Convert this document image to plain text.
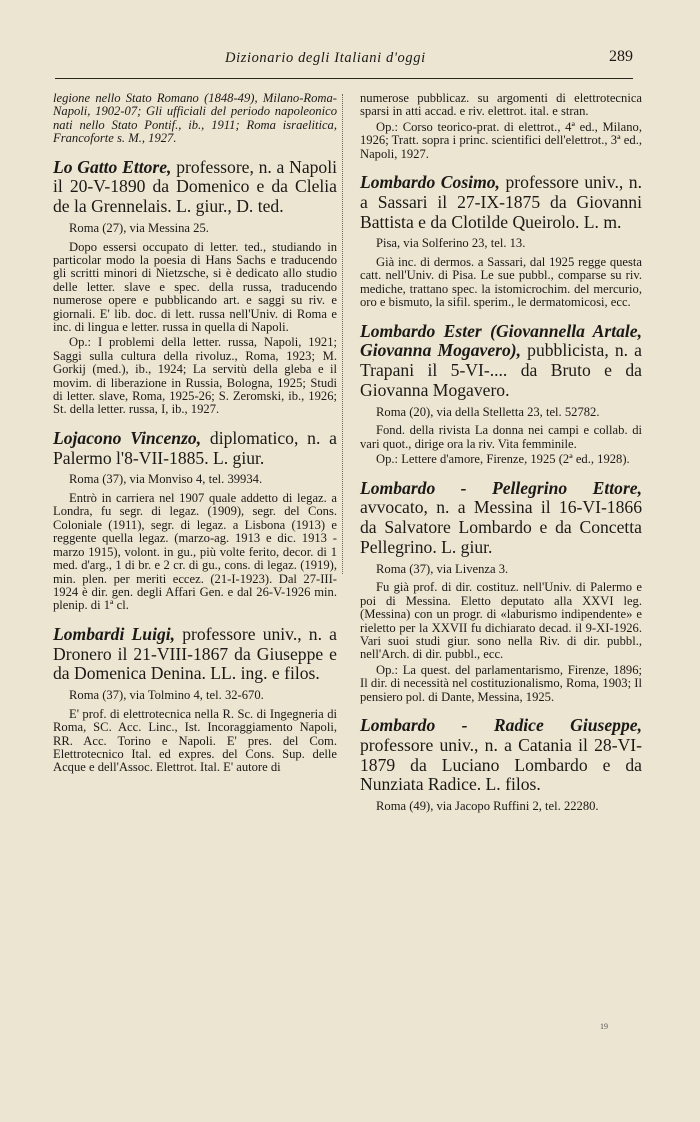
Dizionario degli Italiani d'oggi	289

legione nello Stato Romano (1848-49), Milano-Roma-Napoli, 1902-07; Gli ufficiali del periodo napoleonico nati nello Stato Pontif., ib., 1911; Roma israelitica, Francoforte s. M., 1927.

Lo Gatto Ettore, professore, n. a Napoli il 20-V-1890 da Domenico e da Clelia de la Grennelais. L. giur., D. ted.

Roma (27), via Messina 25.

Dopo essersi occupato di letter. ted., studiando in particolar modo la poesia di Hans Sachs e traducendo gli scritti minori di Nietzsche, si è dedicato allo studio delle letter. slave e spec. della russa, traducendo numerose opere e pubblicando art. e saggi su riv. e giornali. E' lib. doc. di lett. russa nell'Univ. di Roma e inc. di lingua e letter. russa in quella di Napoli.

Op.: I problemi della letter. russa, Napoli, 1921; Saggi sulla cultura della rivoluz., Roma, 1923; M. Gorkij (med.), ib., 1924; La servitù della gleba e il movim. di liberazione in Russia, Bologna, 1925; Studi di letter. slave, Roma, 1925-26; S. Zeromski, ib., 1926; St. della letter. russa, I, ib., 1927.

Lojacono Vincenzo, diplomatico, n. a Palermo l'8-VII-1885. L. giur.

Roma (37), via Monviso 4, tel. 39934.

Entrò in carriera nel 1907 quale addetto di legaz. a Londra, fu segr. di legaz. (1909), segr. del Cons. Coloniale (1911), segr. di legaz. a Lisbona (1913) e reggente quella legaz. (marzo-ag. 1913 e dic. 1913 - marzo 1915), volont. in gu., più volte ferito, decor. di 1 med. d'arg., 1 di br. e 2 cr. di gu., cons. di legaz. (1919), min. plen. per meriti eccez. (21-I-1923). Dal 27-III-1924 è dir. gen. degli Affari Gen. e dal 26-V-1926 min. plenip. di 1ª cl.

Lombardi Luigi, professore univ., n. a Dronero il 21-VIII-1867 da Giuseppe e da Domenica Denina. LL. ing. e filos.

Roma (37), via Tolmino 4, tel. 32-670.

E' prof. di elettrotecnica nella R. Sc. di Ingegneria di Roma, SC. Acc. Linc., Ist. Incoraggiamento Napoli, RR. Acc. Torino e Napoli. E' pres. del Com. Elettrotecnico Ital. ed expres. del Cons. Sup. delle Acque e dell'Assoc. Elettrot. Ital. E' autore di

numerose pubblicaz. su argomenti di elettrotecnica sparsi in atti accad. e riv. elettrot. ital. e stran.

Op.: Corso teorico-prat. di elettrot., 4ª ed., Milano, 1926; Tratt. sopra i princ. scientifici dell'elettrot., 3ª ed., Napoli, 1927.

Lombardo Cosimo, professore univ., n. a Sassari il 27-IX-1875 da Giovanni Battista e da Clotilde Queirolo. L. m.

Pisa, via Solferino 23, tel. 13.

Già inc. di dermos. a Sassari, dal 1925 regge questa catt. nell'Univ. di Pisa. Le sue pubbl., comparse su riv. mediche, trattano spec. la istomicrochim. del mercurio, oro e bismuto, la sifil. sperim., le dermatomicosi, ecc.

Lombardo Ester (Giovannella Artale, Giovanna Mogavero), pubblicista, n. a Trapani il 5-VI-.... da Bruto e da Giovanna Mogavero.

Roma (20), via della Stelletta 23, tel. 52782.

Fond. della rivista La donna nei campi e collab. di vari quot., dirige ora la riv. Vita femminile.

Op.: Lettere d'amore, Firenze, 1925 (2ª ed., 1928).

Lombardo - Pellegrino Ettore, avvocato, n. a Messina il 16-VI-1866 da Salvatore Lombardo e da Concetta Pellegrino. L. giur.

Roma (37), via Livenza 3.

Fu già prof. di dir. costituz. nell'Univ. di Palermo e poi di Messina. Eletto deputato alla XXVI leg. (Messina) con un progr. di «laburismo indipendente» e rieletto per la XXVII fu dichiarato decad. il 9-XI-1926. Vari suoi studi giur. sono nella Riv. di dir. pubbl., nell'Arch. di dir. pubbl., ecc.

Op.: La quest. del parlamentarismo, Firenze, 1896; Il dir. di necessità nel costituzionalismo, Roma, 1903; Il pensiero pol. di Dante, Messina, 1925.

Lombardo - Radice Giuseppe, professore univ., n. a Catania il 28-VI-1879 da Luciano Lombardo e da Nunziata Radice. L. filos.

Roma (49), via Jacopo Ruffini 2, tel. 22280.

19
